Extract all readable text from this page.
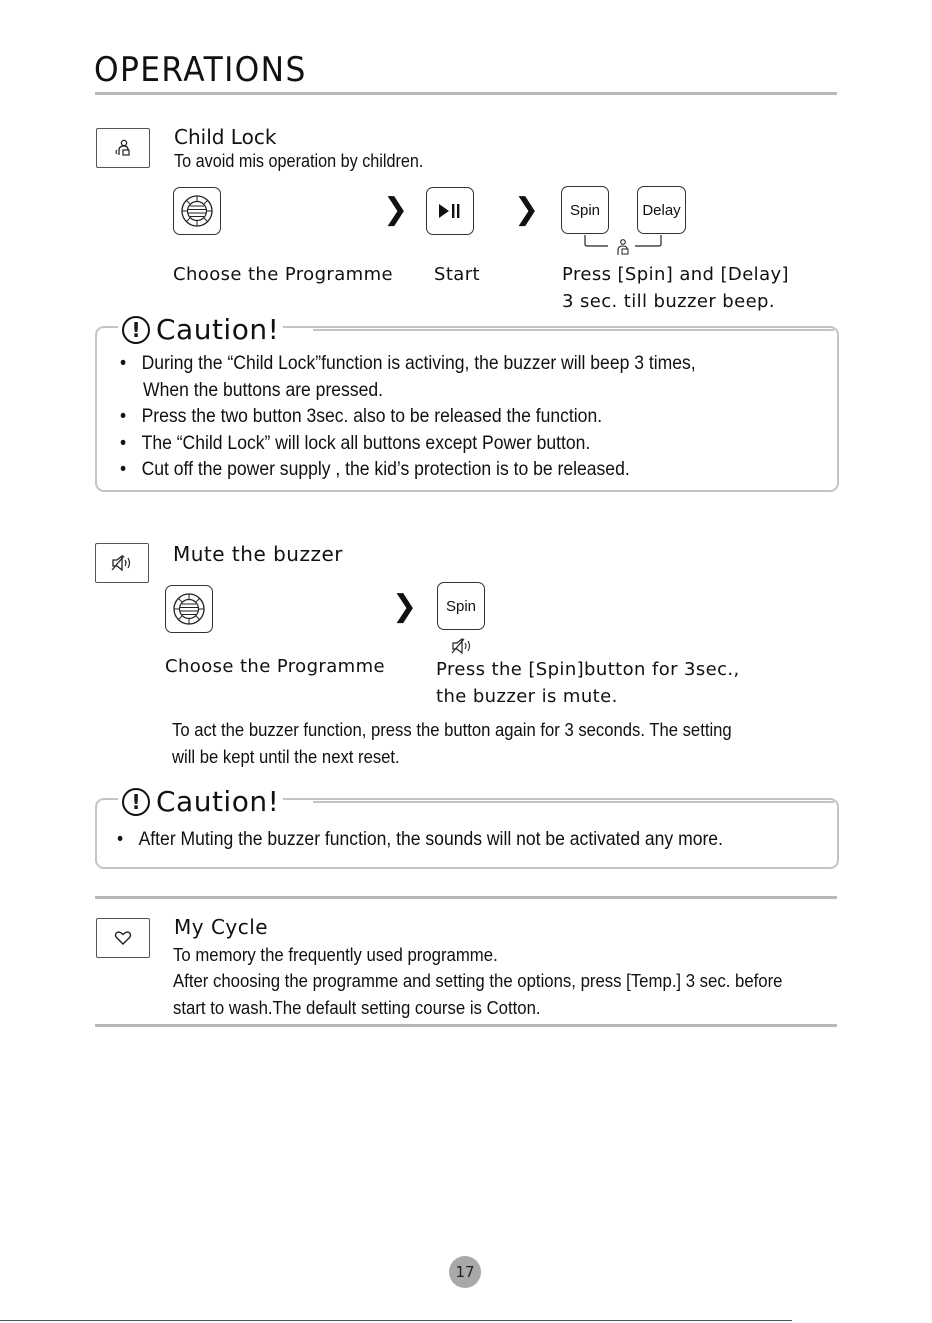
OPERATIONS
Child Lock
To avoid mis operation by children.
❯	❯	Spin	Delay
Choose the Programme Start	Press [Spin] and [Delay]
3 sec. till buzzer beep.
! Caution!
• During the “Child Lock”function is activing, the buzzer will beep 3 times,
When the buttons are pressed.
• Press the two button 3sec. also to be released the function.
• The “Child Lock” will lock all buttons except Power button.
• Cut off the power supply , the kid’s protection is to be released.
Mute the buzzer
❯	Spin
Choose the Programme	Press the [Spin]button for 3sec.,
the buzzer is mute.
To act the buzzer function, press the button again for 3 seconds. The setting
will be kept until the next reset.
! Caution!
• After Muting the buzzer function, the sounds will not be activated any more.
My Cycle
To memory the frequently used programme.
After choosing the programme and setting the options, press [Temp.] 3 sec. before
start to wash.The default setting course is Cotton.
17
